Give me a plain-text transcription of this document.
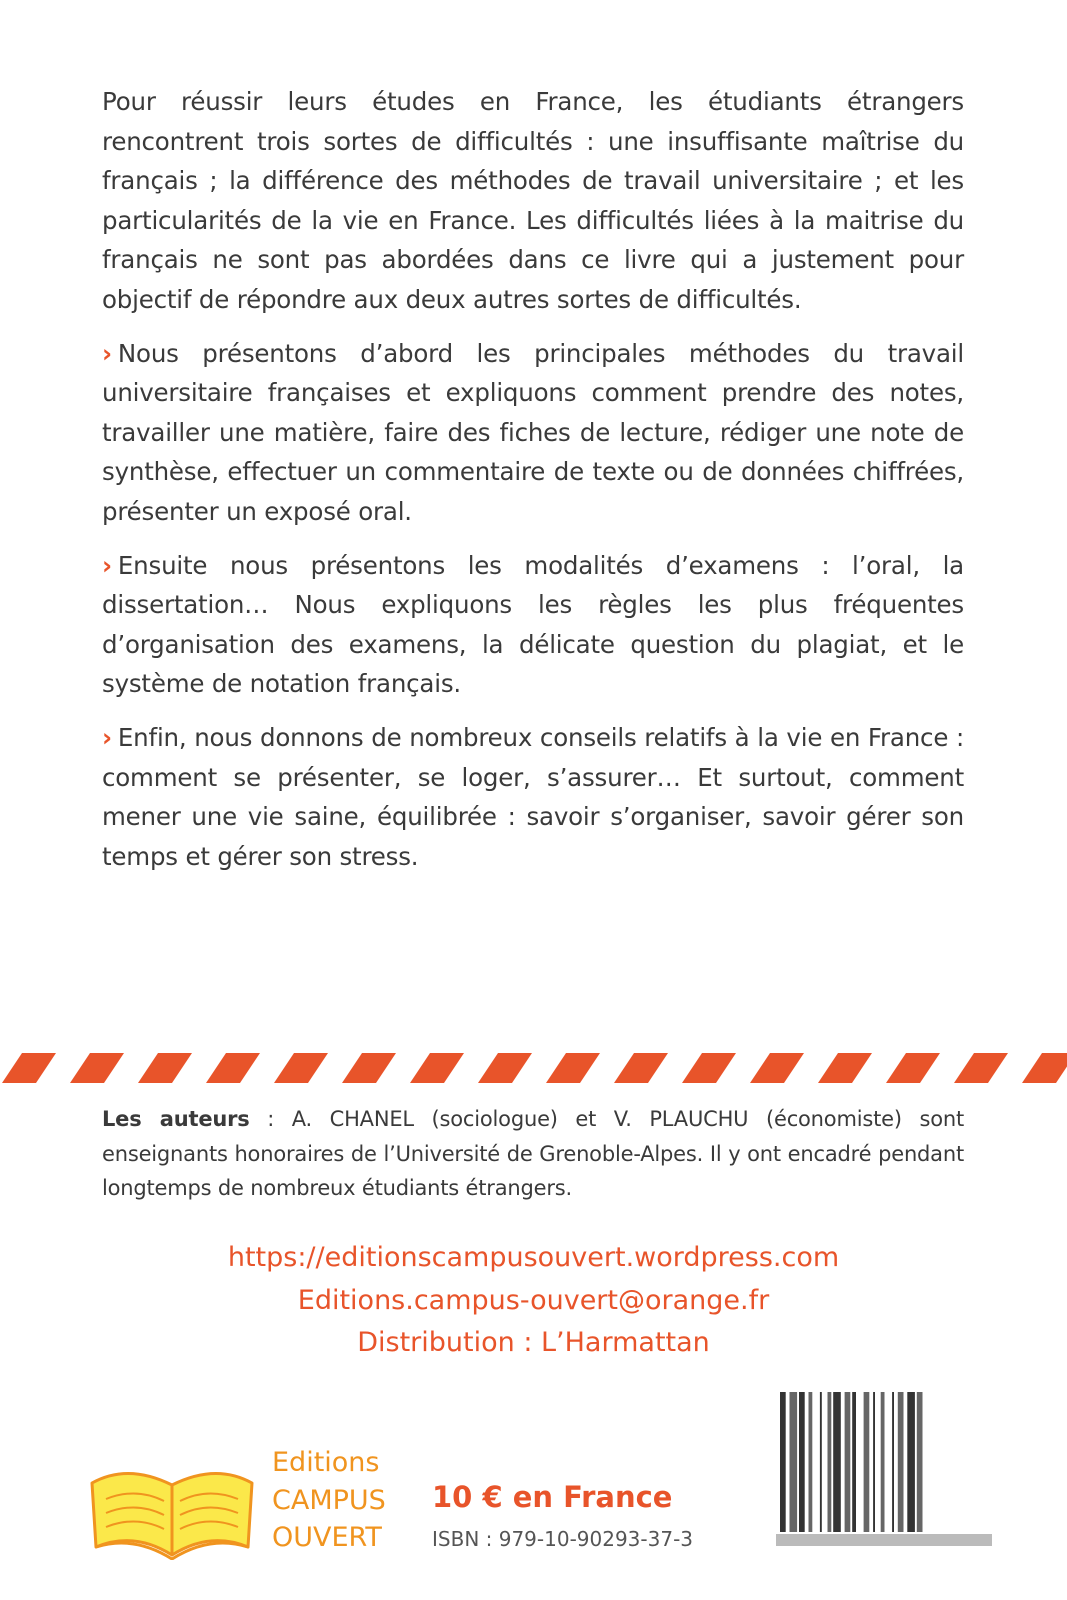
Pour réussir leurs études en France, les étudiants étrangers rencontrent trois sortes de difficultés : une insuffisante maîtrise du français ; la différence des méthodes de travail universitaire ; et les particularités de la vie en France. Les difficultés liées à la maitrise du français ne sont pas abordées dans ce livre qui a justement pour objectif de répondre aux deux autres sortes de difficultés.

› Nous présentons d’abord les principales méthodes du travail universitaire françaises et expliquons comment prendre des notes, travailler une matière, faire des fiches de lecture, rédiger une note de synthèse, effectuer un commentaire de texte ou de données chiffrées, présenter un exposé oral.

› Ensuite nous présentons les modalités d’examens : l’oral, la dissertation… Nous expliquons les règles les plus fréquentes d’organisation des examens, la délicate question du plagiat, et le système de notation français.

› Enfin, nous donnons de nombreux conseils relatifs à la vie en France : comment se présenter, se loger, s’assurer… Et surtout, comment mener une vie saine, équilibrée : savoir s’organiser, savoir gérer son temps et gérer son stress.

Les auteurs : A. CHANEL (sociologue) et V. PLAUCHU (économiste) sont enseignants honoraires de l’Université de Grenoble-Alpes. Il y ont encadré pendant longtemps de nombreux étudiants étrangers.
https://editionscampusouvert.wordpress.com
Editions.campus-ouvert@orange.fr
Distribution : L’Harmattan
Editions
CAMPUS
OUVERT
10 € en France
ISBN : 979-10-90293-37-3
